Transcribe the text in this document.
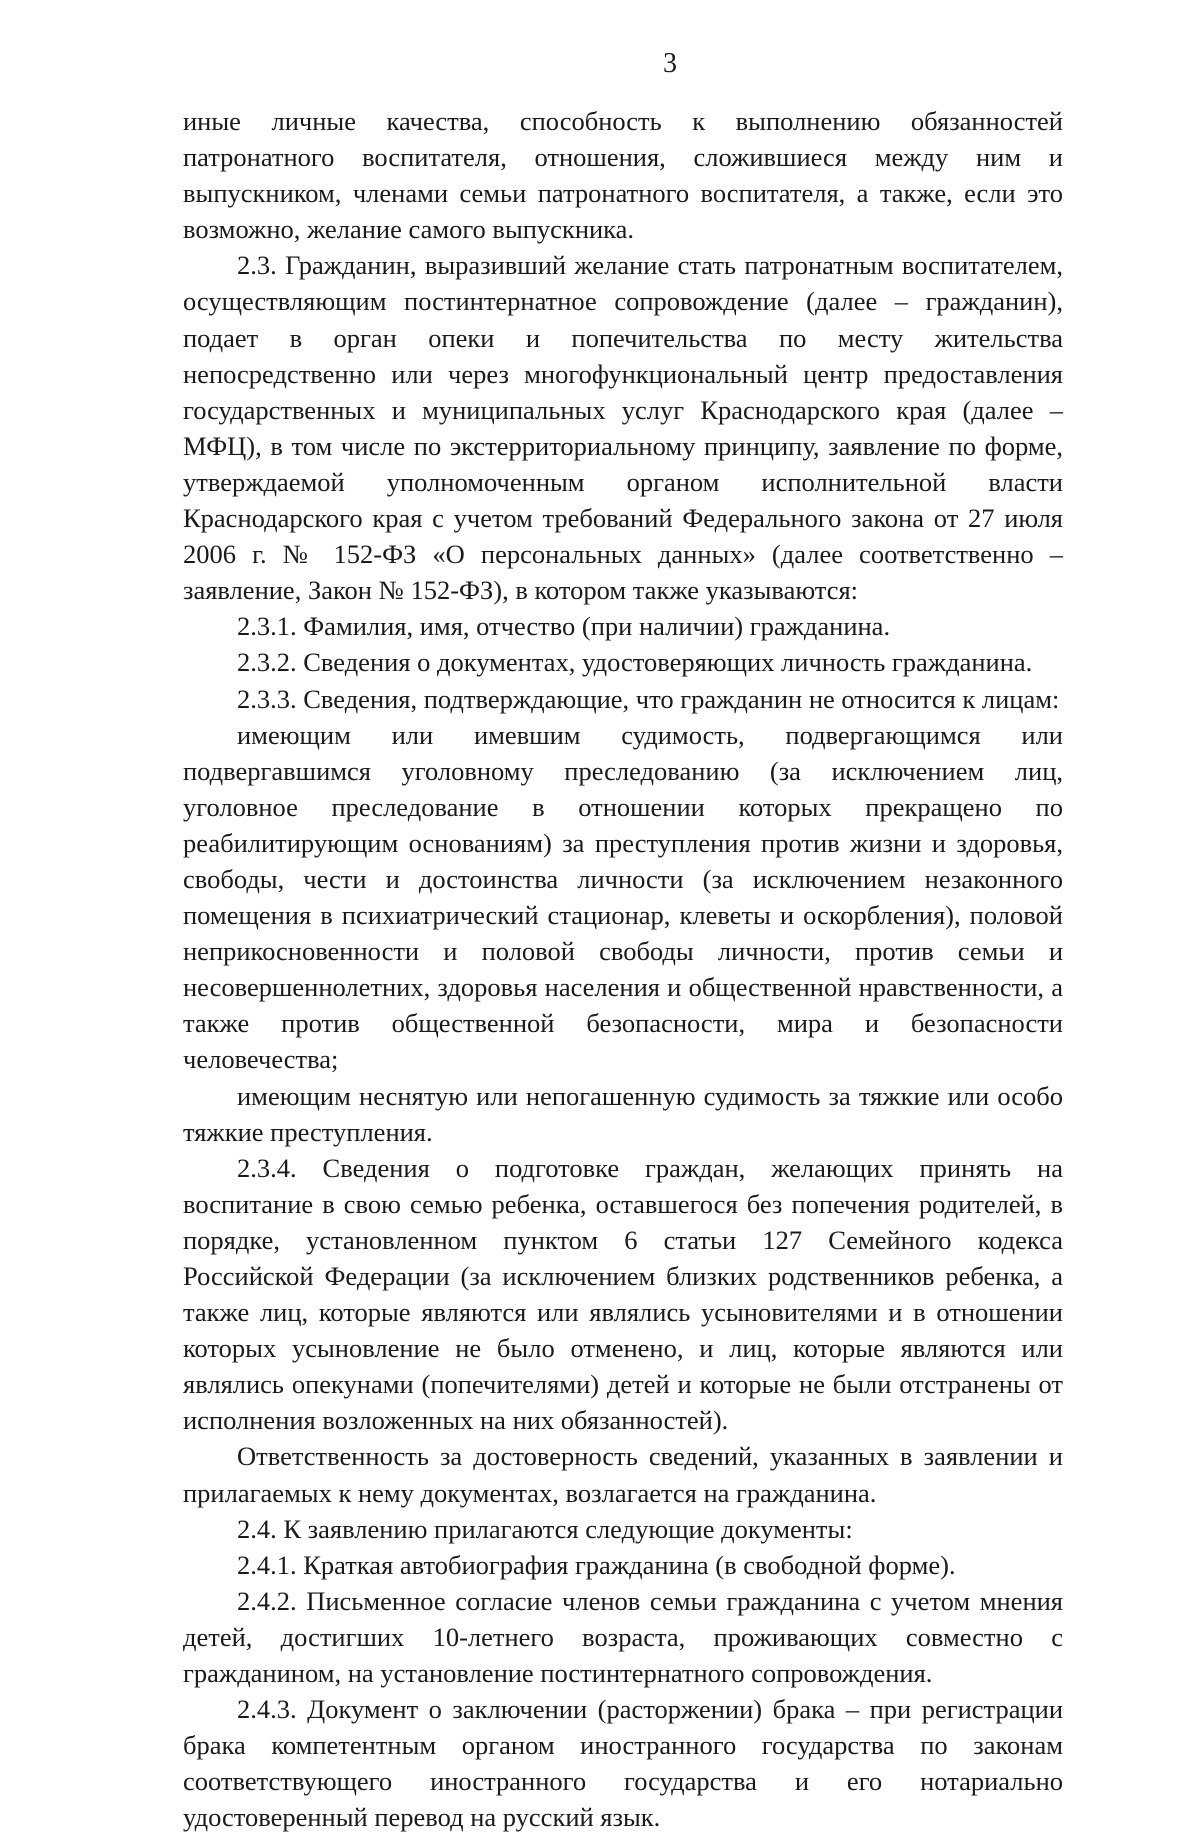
3

иные личные качества, способность к выполнению обязанностей патронатного воспитателя, отношения, сложившиеся между ним и выпускником, членами семьи патронатного воспитателя, а также, если это возможно, желание самого выпускника.

2.3. Гражданин, выразивший желание стать патронатным воспитателем, осуществляющим постинтернатное сопровождение (далее – гражданин), подает в орган опеки и попечительства по месту жительства непосредственно или через многофункциональный центр предоставления государственных и муниципальных услуг Краснодарского края (далее – МФЦ), в том числе по экстерриториальному принципу, заявление по форме, утверждаемой уполномоченным органом исполнительной власти Краснодарского края с учетом требований Федерального закона от 27 июля 2006 г. № 152-ФЗ «О персональных данных» (далее соответственно – заявление, Закон № 152-ФЗ), в котором также указываются:

2.3.1. Фамилия, имя, отчество (при наличии) гражданина.

2.3.2. Сведения о документах, удостоверяющих личность гражданина.

2.3.3. Сведения, подтверждающие, что гражданин не относится к лицам:

имеющим или имевшим судимость, подвергающимся или подвергавшимся уголовному преследованию (за исключением лиц, уголовное преследование в отношении которых прекращено по реабилитирующим основаниям) за преступления против жизни и здоровья, свободы, чести и достоинства личности (за исключением незаконного помещения в психиатрический стационар, клеветы и оскорбления), половой неприкосновенности и половой свободы личности, против семьи и несовершеннолетних, здоровья населения и общественной нравственности, а также против общественной безопасности, мира и безопасности человечества;

имеющим неснятую или непогашенную судимость за тяжкие или особо тяжкие преступления.

2.3.4. Сведения о подготовке граждан, желающих принять на воспитание в свою семью ребенка, оставшегося без попечения родителей, в порядке, установленном пунктом 6 статьи 127 Семейного кодекса Российской Федерации (за исключением близких родственников ребенка, а также лиц, которые являются или являлись усыновителями и в отношении которых усыновление не было отменено, и лиц, которые являются или являлись опекунами (попечителями) детей и которые не были отстранены от исполнения возложенных на них обязанностей).

Ответственность за достоверность сведений, указанных в заявлении и прилагаемых к нему документах, возлагается на гражданина.

2.4. К заявлению прилагаются следующие документы:

2.4.1. Краткая автобиография гражданина (в свободной форме).

2.4.2. Письменное согласие членов семьи гражданина с учетом мнения детей, достигших 10-летнего возраста, проживающих совместно с гражданином, на установление постинтернатного сопровождения.

2.4.3. Документ о заключении (расторжении) брака – при регистрации брака компетентным органом иностранного государства по законам соответствующего иностранного государства и его нотариально удостоверенный перевод на русский язык.
